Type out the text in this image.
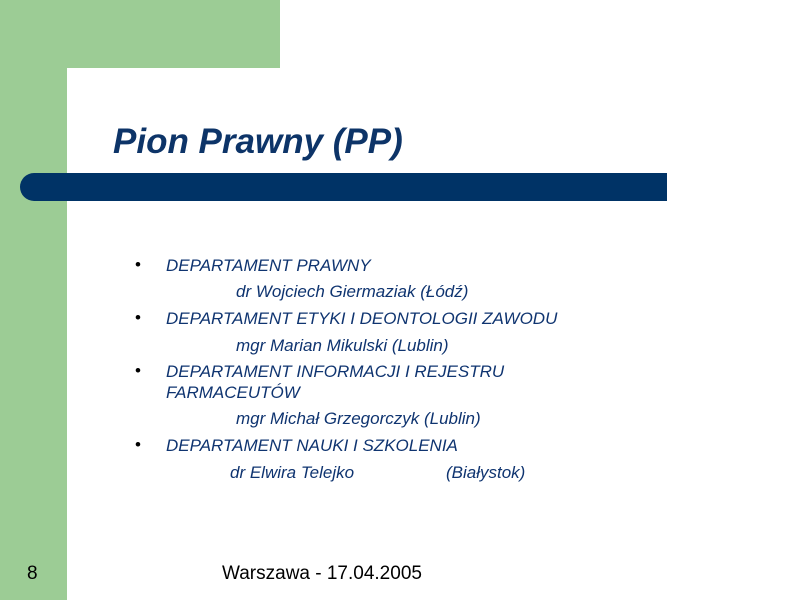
Pion Prawny (PP)
• DEPARTAMENT PRAWNY
dr Wojciech Giermaziak (Łódź)
• DEPARTAMENT ETYKI I DEONTOLOGII ZAWODU
mgr Marian Mikulski (Lublin)
• DEPARTAMENT INFORMACJI I REJESTRU
FARMACEUTÓW
mgr Michał Grzegorczyk (Lublin)
• DEPARTAMENT NAUKI I SZKOLENIA
dr Elwira Telejko	(Białystok)
8	Warszawa - 17.04.2005
